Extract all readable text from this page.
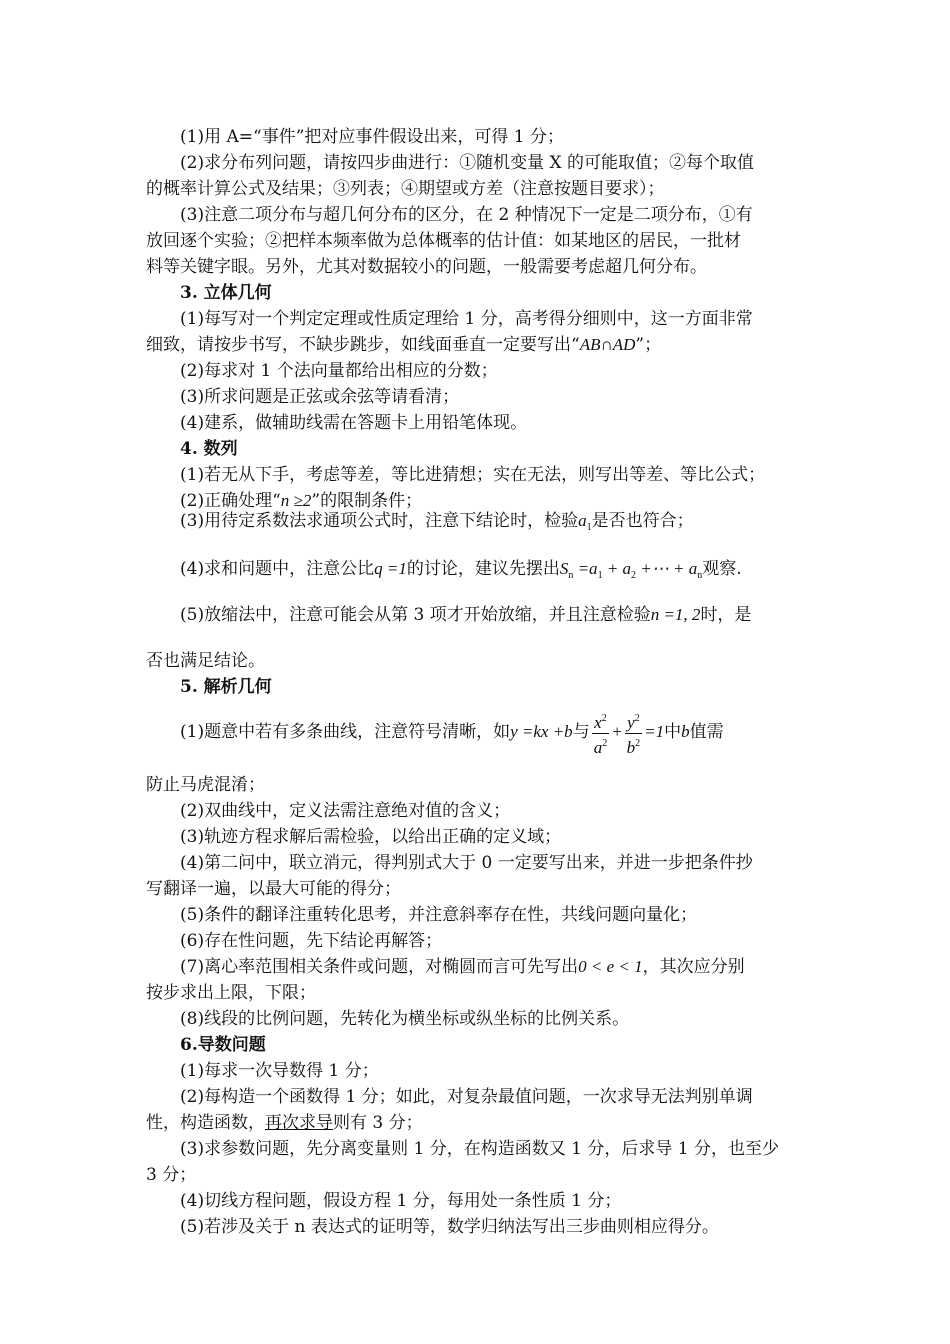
(1)用 A=“事件”把对应事件假设出来，可得 1 分；
(2)求分布列问题，请按四步曲进行：①随机变量 X 的可能取值；②每个取值
的概率计算公式及结果；③列表；④期望或方差（注意按题目要求）；
(3)注意二项分布与超几何分布的区分，在 2 种情况下一定是二项分布，①有
放回逐个实验；②把样本频率做为总体概率的估计值：如某地区的居民，一批材
料等关键字眼。另外，尤其对数据较小的问题，一般需要考虑超几何分布。
3. 立体几何
(1)每写对一个判定定理或性质定理给 1 分，高考得分细则中，这一方面非常
细致，请按步书写，不缺步跳步，如线面垂直一定要写出“AB∩AD”；
(2)每求对 1 个法向量都给出相应的分数；
(3)所求问题是正弦或余弦等请看清；
(4)建系，做辅助线需在答题卡上用铅笔体现。
4. 数列
(1)若无从下手，考虑等差，等比进猜想；实在无法，则写出等差、等比公式；
(2)正确处理“n ≥2”的限制条件；
(3)用待定系数法求通项公式时，注意下结论时，检验$a_1$是否也符合；
(4)求和问题中，注意公比q =1的讨论，建议先摆出$S_n =a_1 + a_2$ +⋯ + $a_n$观察.
(5)放缩法中，注意可能会从第 3 项才开始放缩，并且注意检验n =1, 2时，是
否也满足结论。
5. 解析几何
(1)题意中若有多条曲线，注意符号清晰，如y =kx +b与 $\frac{x^2}{a^2} + \frac{y^2}{b^2} =1$中b值需
防止马虎混淆；
(2)双曲线中，定义法需注意绝对值的含义；
(3)轨迹方程求解后需检验，以给出正确的定义域；
(4)第二问中，联立消元，得判别式大于 0 一定要写出来，并进一步把条件抄
写翻译一遍，以最大可能的得分；
(5)条件的翻译注重转化思考，并注意斜率存在性，共线问题向量化；
(6)存在性问题，先下结论再解答；
(7)离心率范围相关条件或问题，对椭圆而言可先写出0 < e < 1，其次应分别
按步求出上限，下限；
(8)线段的比例问题，先转化为横坐标或纵坐标的比例关系。
6.导数问题
(1)每求一次导数得 1 分；
(2)每构造一个函数得 1 分；如此，对复杂最值问题，一次求导无法判别单调
性，构造函数，再次求导则有 3 分；
(3)求参数问题，先分离变量则 1 分，在构造函数又 1 分，后求导 1 分，也至少
3 分；
(4)切线方程问题，假设方程 1 分，每用处一条性质 1 分；
(5)若涉及关于 n 表达式的证明等，数学归纳法写出三步曲则相应得分。
